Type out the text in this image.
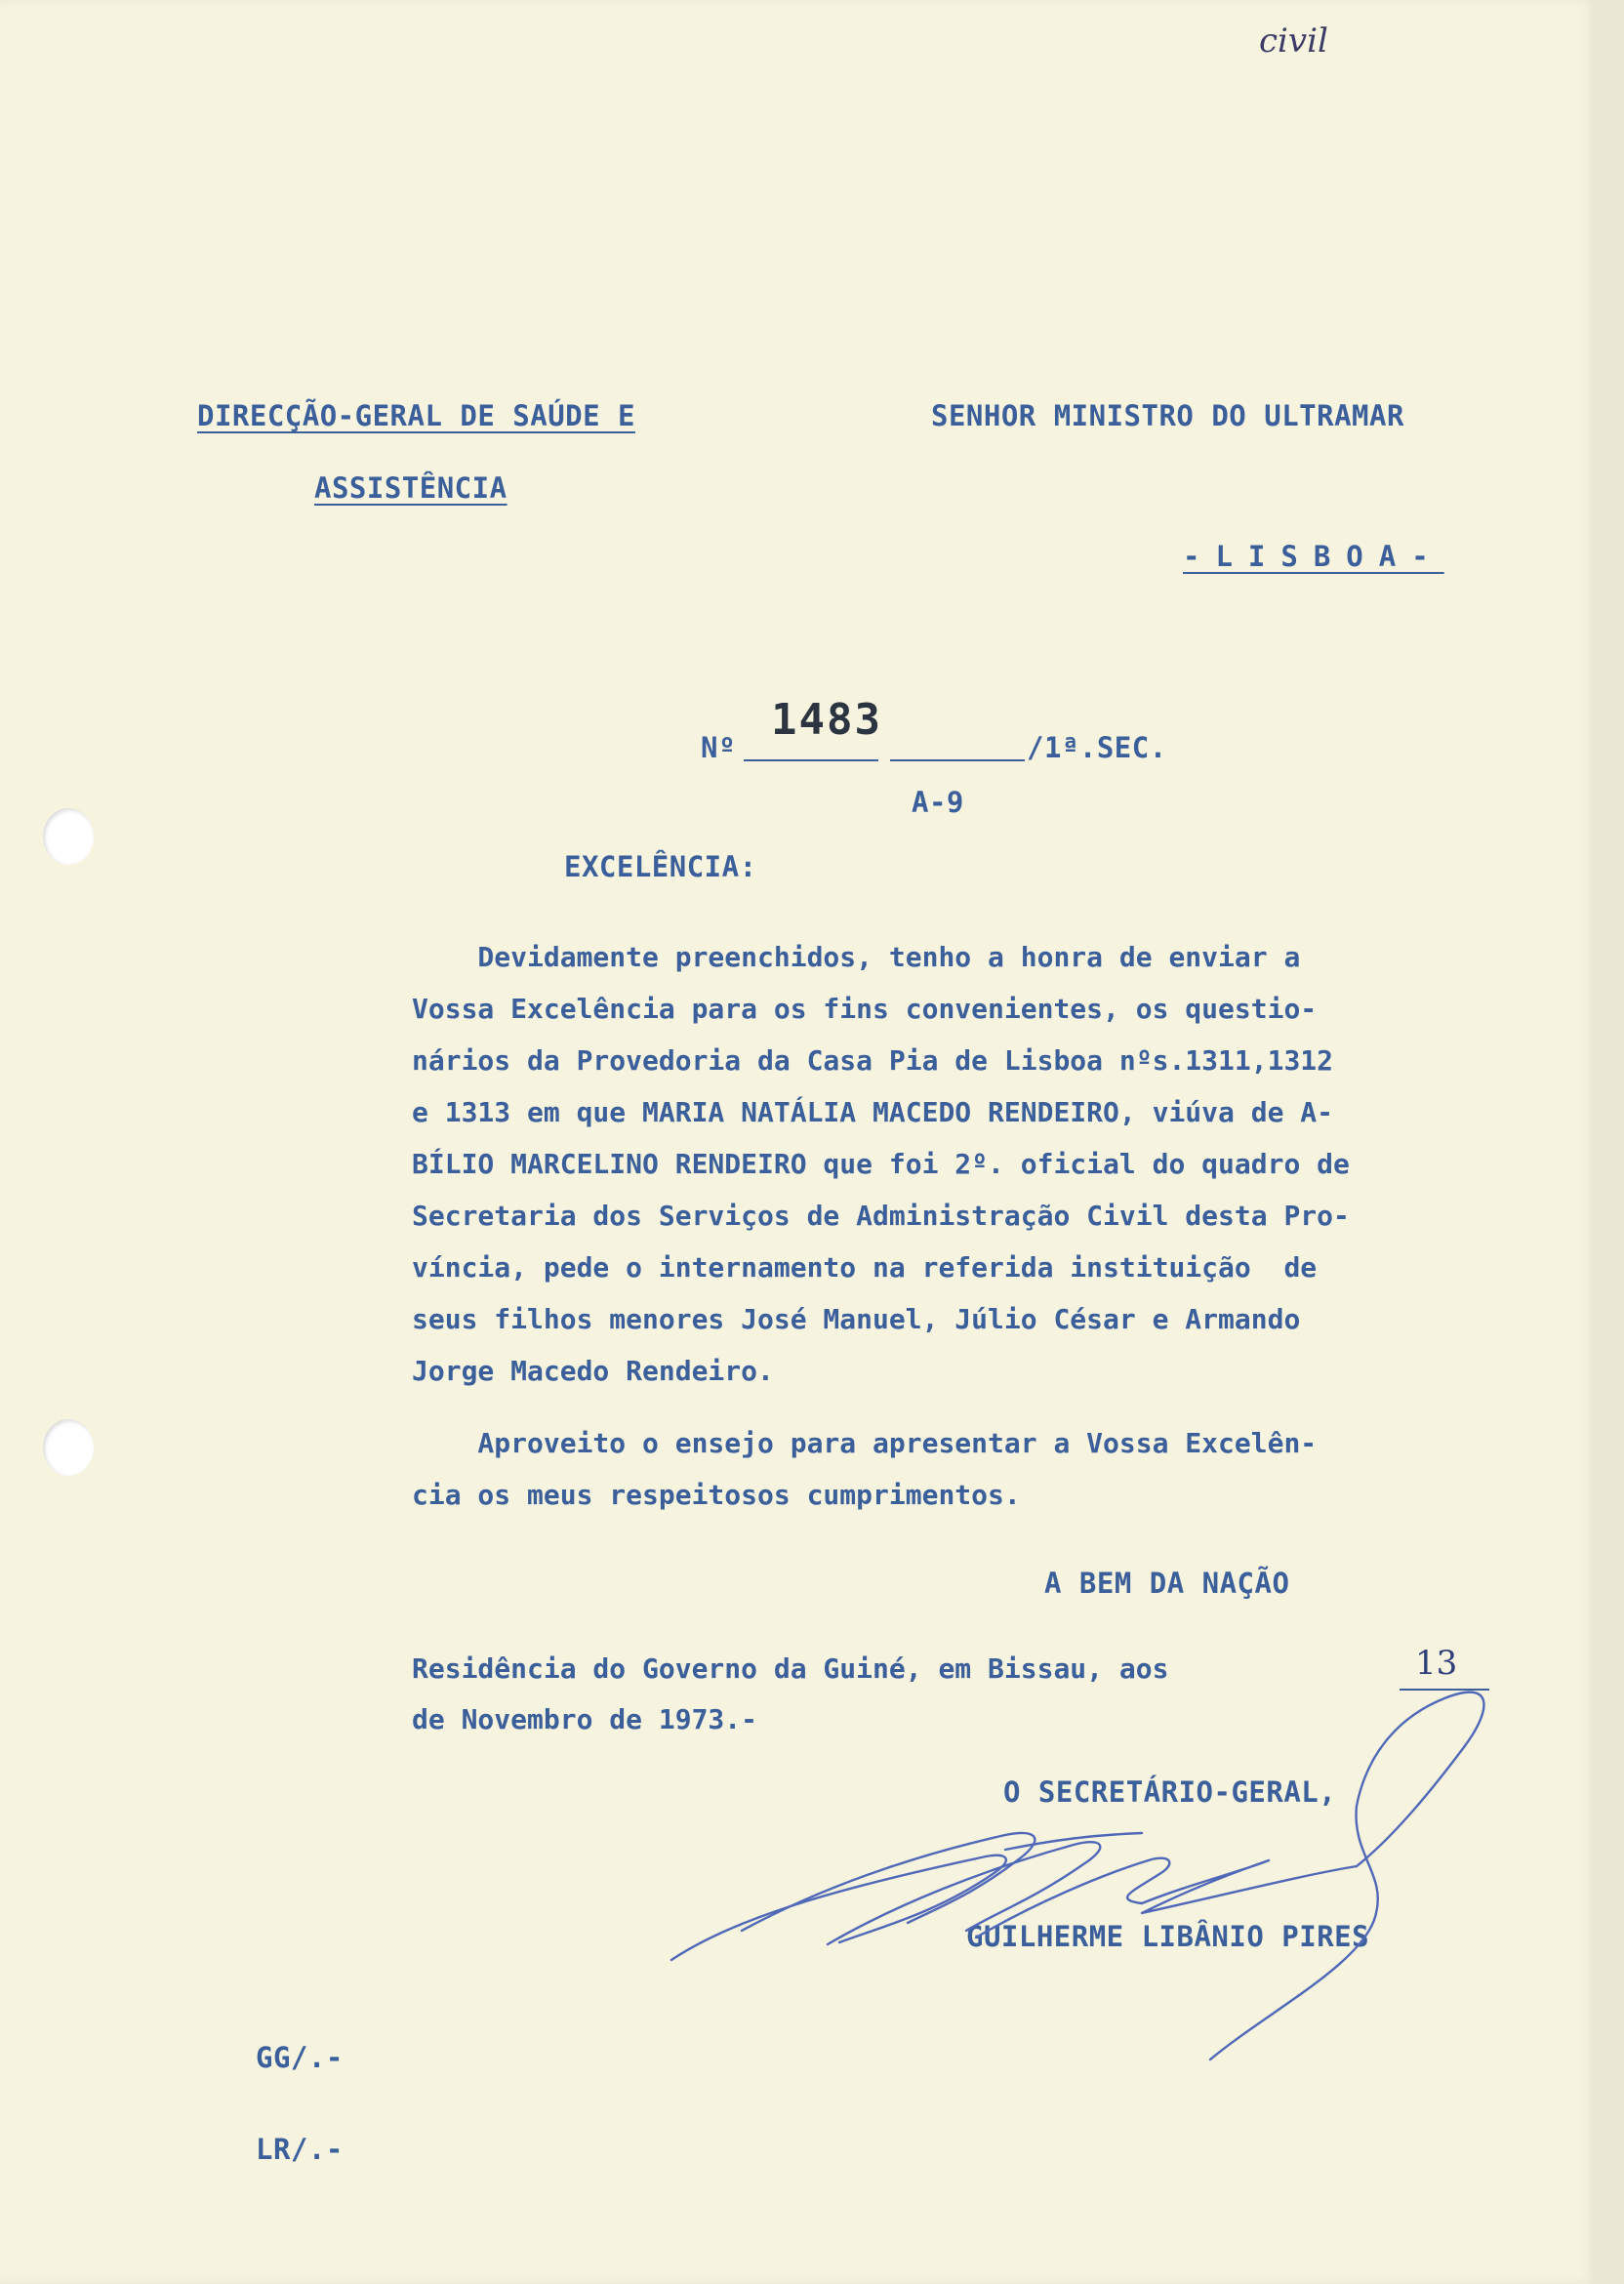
civil

DIRECÇÃO-GERAL DE SAÚDE E

ASSISTÊNCIA

SENHOR MINISTRO DO ULTRAMAR

-LISBOA-

Nº

1483

/1ª.SEC.

A-9

EXCELÊNCIA:

Devidamente preenchidos, tenho a honra de enviar a

Vossa Excelência para os fins convenientes, os questio-

nários da Provedoria da Casa Pia de Lisboa nºs.1311,1312

e 1313 em que MARIA NATÁLIA MACEDO RENDEIRO, viúva de A-

BÍLIO MARCELINO RENDEIRO que foi 2º. oficial do quadro de

Secretaria dos Serviços de Administração Civil desta Pro-

víncia, pede o internamento na referida instituição  de

seus filhos menores José Manuel, Júlio César e Armando

Jorge Macedo Rendeiro.

Aproveito o ensejo para apresentar a Vossa Excelên-

cia os meus respeitosos cumprimentos.

A BEM DA NAÇÃO

Residência do Governo da Guiné, em Bissau, aos	13

de Novembro de 1973.-

O SECRETÁRIO-GERAL,

GUILHERME LIBÂNIO PIRES

GG/.-

LR/.-
